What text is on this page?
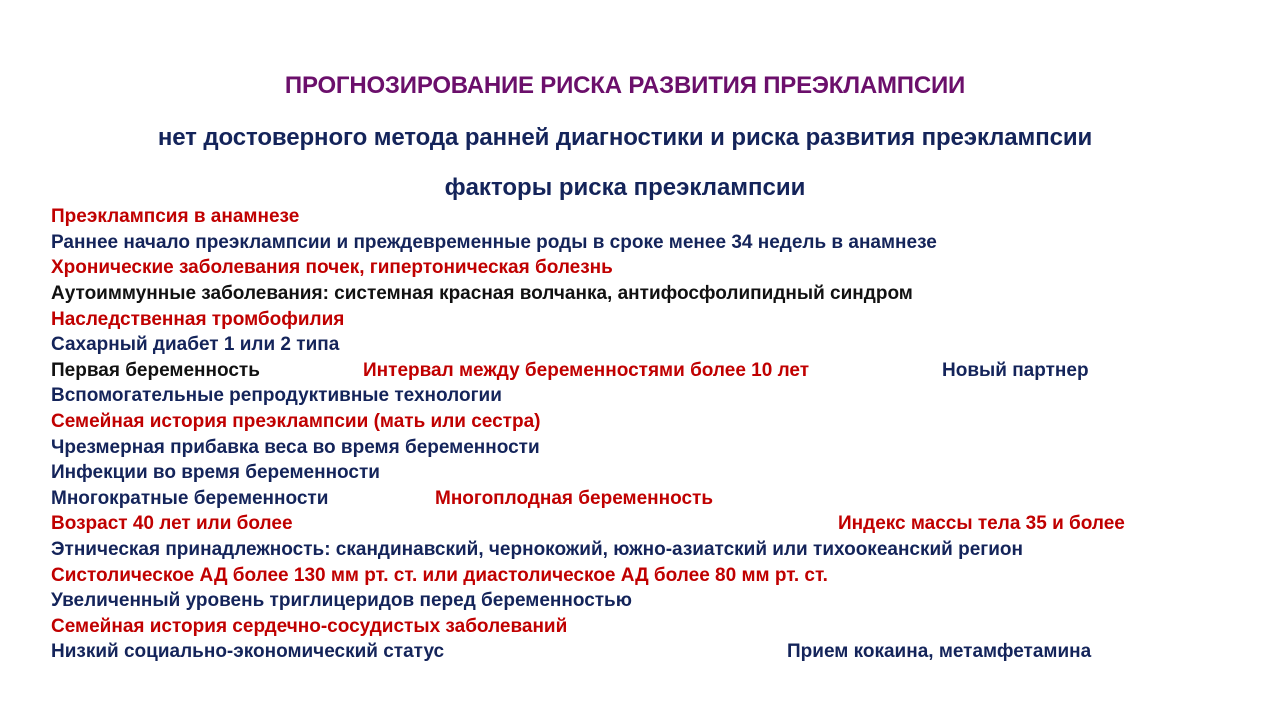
ПРОГНОЗИРОВАНИЕ РИСКА РАЗВИТИЯ ПРЕЭКЛАМПСИИ
нет достоверного метода ранней диагностики и риска развития преэклампсии
факторы риска преэклампсии
Преэклампсия в анамнезе
Раннее начало преэклампсии и преждевременные роды в сроке менее 34 недель в анамнезе
Хронические заболевания почек, гипертоническая болезнь
Аутоиммунные заболевания: системная красная волчанка, антифосфолипидный синдром
Наследственная тромбофилия
Сахарный диабет 1 или 2 типа
Первая беременность	Интервал между беременностями более 10 лет	Новый партнер
Вспомогательные репродуктивные технологии
Семейная история преэклампсии (мать или сестра)
Чрезмерная прибавка веса во время беременности
Инфекции во время беременности
Многократные беременности	Многоплодная беременность
Возраст 40 лет или более	Индекс массы тела 35 и более
Этническая принадлежность: скандинавский, чернокожий, южно-азиатский или тихоокеанский регион
Систолическое АД более 130 мм рт. ст. или диастолическое АД более 80 мм рт. ст.
Увеличенный уровень триглицеридов перед беременностью
Семейная история сердечно-сосудистых заболеваний
Низкий социально-экономический статус	Прием кокаина, метамфетамина
